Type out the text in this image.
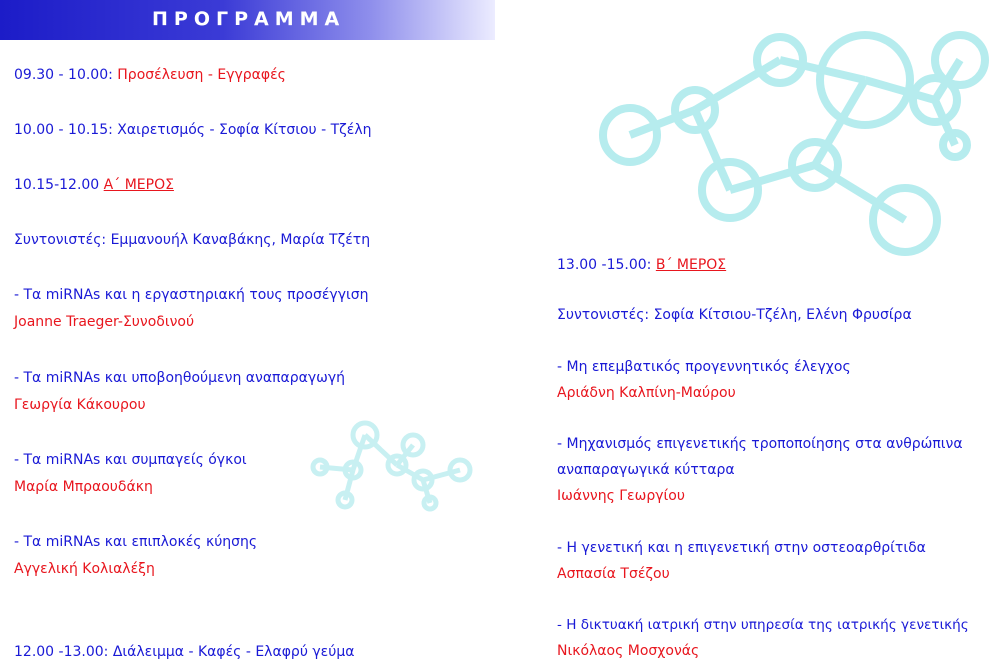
ΠΡΟΓΡΑΜΜΑ
09.30 - 10.00: Προσέλευση - Εγγραφές
10.00 - 10.15: Χαιρετισμός - Σοφία Κίτσιου - Τζέλη
10.15-12.00 Α΄ ΜΕΡΟΣ
Συντονιστές: Εμμανουήλ Καναβάκης, Μαρία Τζέτη
- Τα miRNAs και η εργαστηριακή τους προσέγγιση
Joanne Traeger-Συνοδινού
- Τα miRNAs και υποβοηθούμενη αναπαραγωγή
Γεωργία Κάκουρου
- Τα miRNAs και συμπαγείς όγκοι
Μαρία Μπραουδάκη
- Τα miRNAs και επιπλοκές κύησης
Αγγελική Κολιαλέξη
12.00 -13.00: Διάλειμμα - Καφές - Ελαφρύ γεύμα
13.00 -15.00: Β΄ ΜΕΡΟΣ
Συντονιστές: Σοφία Κίτσιου-Τζέλη, Ελένη Φρυσίρα
- Μη επεμβατικός προγεννητικός έλεγχος
Αριάδνη Καλπίνη-Μαύρου
- Μηχανισμός επιγενετικής τροποποίησης στα ανθρώπινα
αναπαραγωγικά κύτταρα
Ιωάννης Γεωργίου
- Η γενετική και η επιγενετική στην οστεοαρθρίτιδα
Ασπασία Τσέζου
- Η δικτυακή ιατρική στην υπηρεσία της ιατρικής γενετικής
Νικόλαος Μοσχονάς
